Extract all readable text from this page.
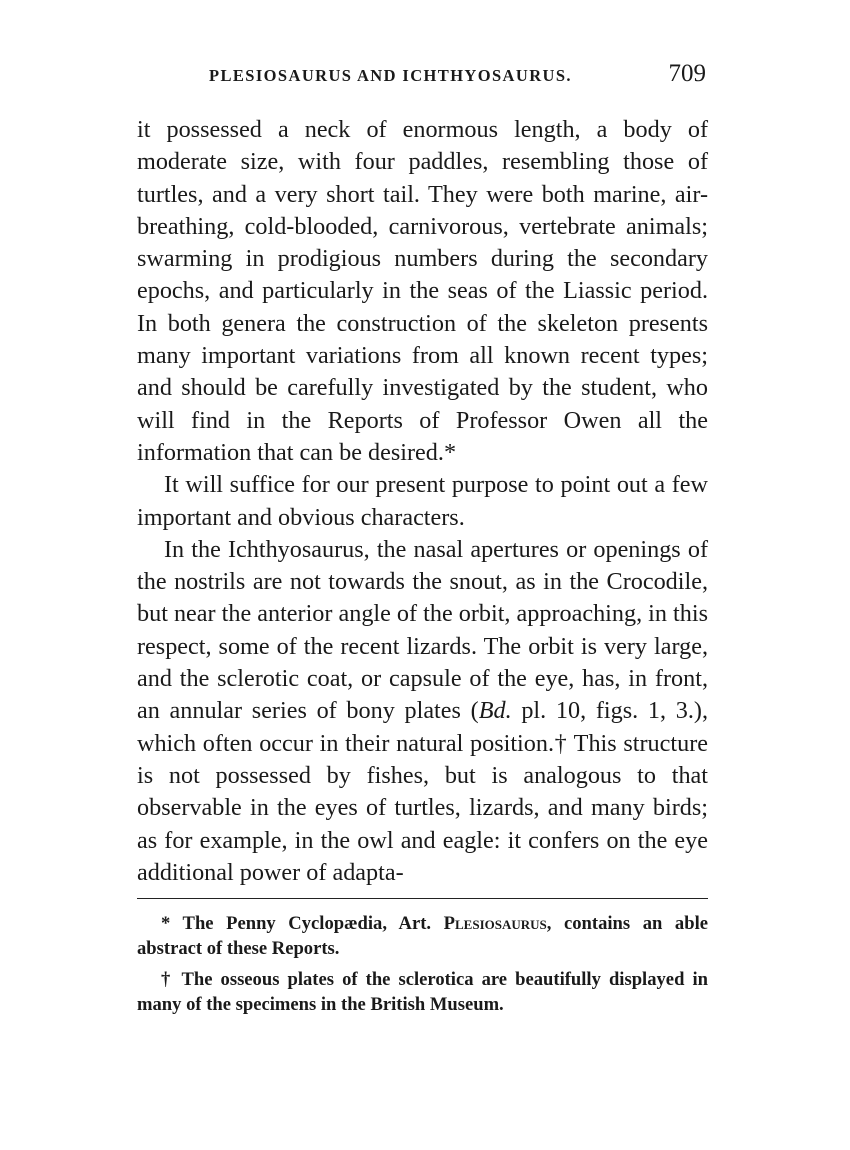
PLESIOSAURUS AND ICHTHYOSAURUS.	709

it possessed a neck of enormous length, a body of moderate size, with four paddles, resembling those of turtles, and a very short tail. They were both marine, air-breathing, cold-blooded, carnivorous, vertebrate animals; swarming in prodigious numbers during the secondary epochs, and particularly in the seas of the Liassic period. In both genera the construction of the skeleton presents many important variations from all known recent types; and should be carefully investigated by the student, who will find in the Reports of Professor Owen all the information that can be desired.*

It will suffice for our present purpose to point out a few important and obvious characters.

In the Ichthyosaurus, the nasal apertures or openings of the nostrils are not towards the snout, as in the Crocodile, but near the anterior angle of the orbit, approaching, in this respect, some of the recent lizards. The orbit is very large, and the sclerotic coat, or capsule of the eye, has, in front, an annular series of bony plates (Bd. pl. 10, figs. 1, 3.), which often occur in their natural position.† This structure is not possessed by fishes, but is analogous to that observable in the eyes of turtles, lizards, and many birds; as for example, in the owl and eagle: it confers on the eye additional power of adapta-

* The Penny Cyclopædia, Art. Plesiosaurus, contains an able abstract of these Reports.

† The osseous plates of the sclerotica are beautifully displayed in many of the specimens in the British Museum.
